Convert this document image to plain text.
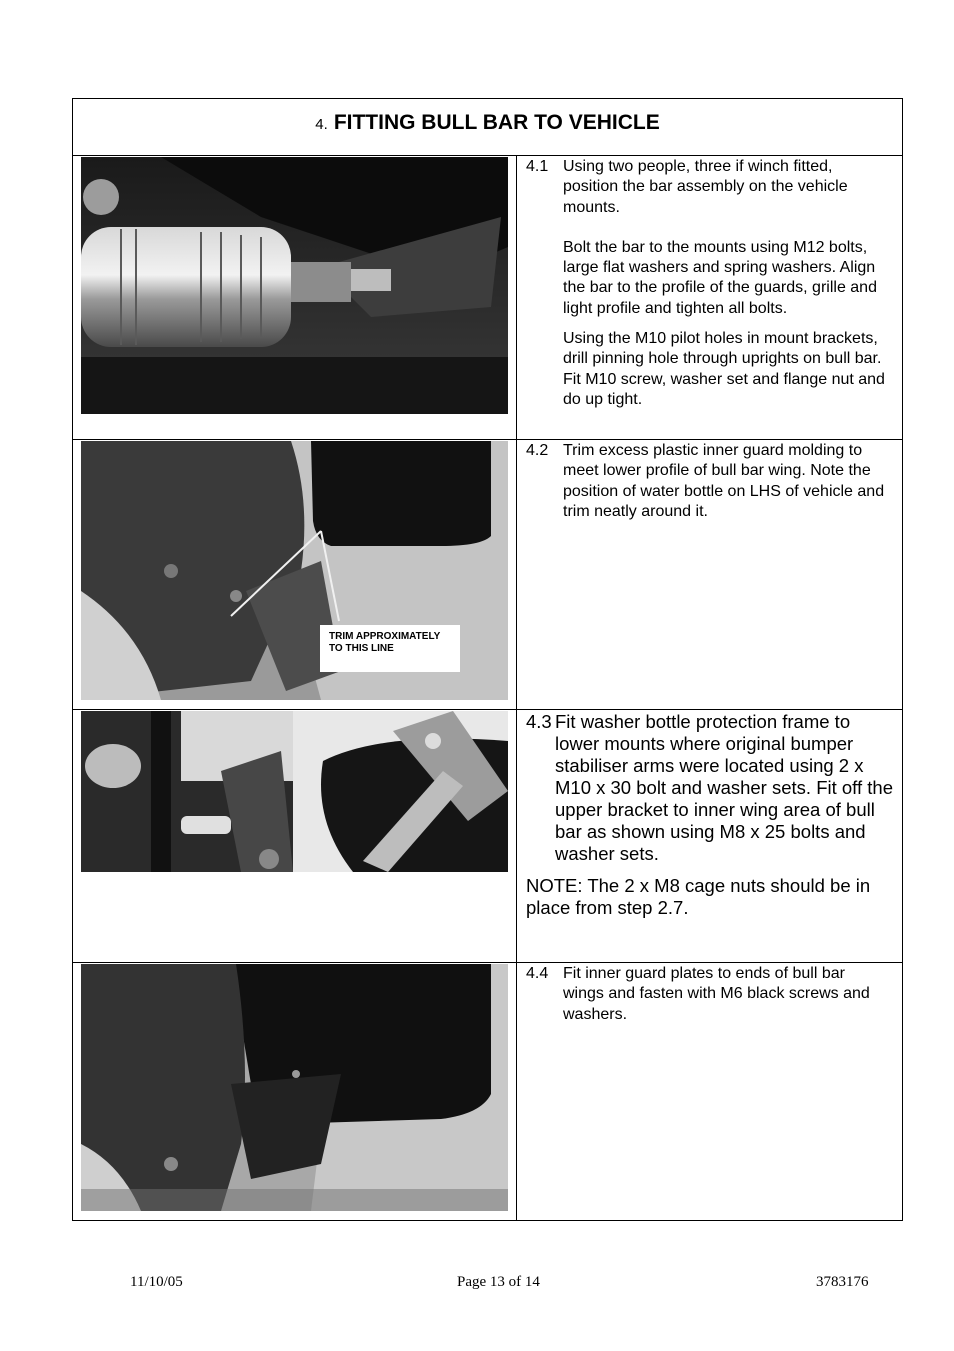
4. FITTING BULL BAR TO VEHICLE

4.1 Using two people, three if winch fitted,
position the bar assembly on the vehicle mounts.

Bolt the bar to the mounts using M12 bolts, large flat washers and spring washers. Align the bar to the profile of the guards, grille and light profile and tighten all bolts.

Using the M10 pilot holes in mount brackets, drill pinning hole through uprights on bull bar. Fit M10 screw, washer set and flange nut and do up tight.

TRIM APPROXIMATELY TO THIS LINE

4.2 Trim excess plastic inner guard molding to
meet lower profile of bull bar wing. Note the position of water bottle on LHS of vehicle and trim neatly around it.

4.3 Fit washer bottle protection frame to
lower mounts where original bumper stabiliser arms were located using 2 x M10 x 30 bolt and washer sets. Fit off the upper bracket to inner wing area of bull bar as shown using M8 x 25 bolts and washer sets.

NOTE: The 2 x M8 cage nuts should be in place from step 2.7.

4.4 Fit inner guard plates to ends of bull bar
wings and fasten with M6 black screws and washers.

11/10/05	Page 13 of 14	3783176
